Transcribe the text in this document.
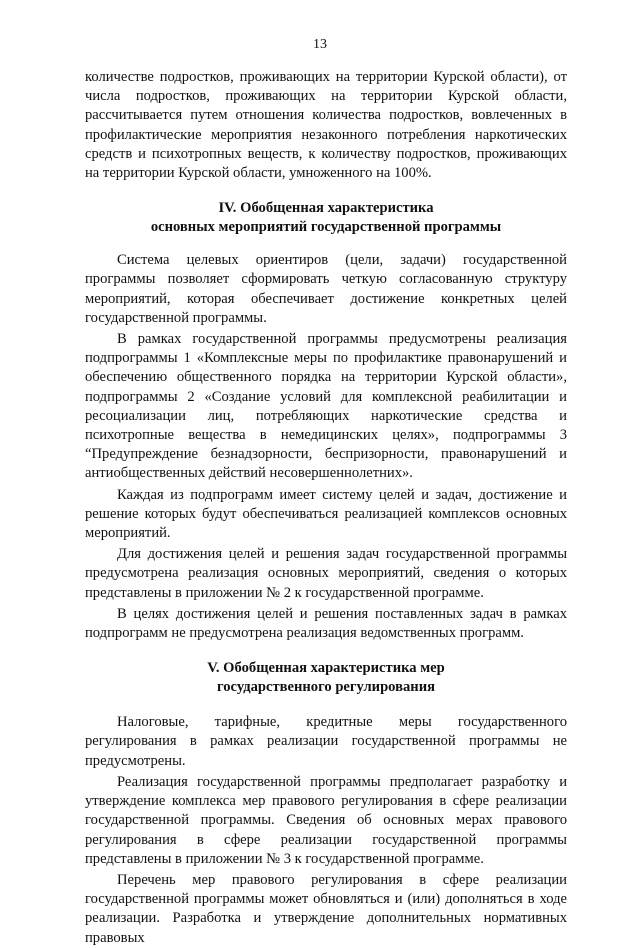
13

количестве подростков, проживающих на территории Курской области), от числа подростков, проживающих на территории Курской области, рассчитывается путем отношения количества подростков, вовлеченных в профилактические мероприятия незаконного потребления наркотических средств и психотропных веществ, к количеству подростков, проживающих на территории Курской области, умноженного на 100%.

IV. Обобщенная характеристика
основных мероприятий государственной программы

Система целевых ориентиров (цели, задачи) государственной программы позволяет сформировать четкую согласованную структуру мероприятий, которая обеспечивает достижение конкретных целей государственной программы.

В рамках государственной программы предусмотрены реализация подпрограммы 1 «Комплексные меры по профилактике правонарушений и обеспечению общественного порядка на территории Курской области», подпрограммы 2 «Создание условий для комплексной реабилитации и ресоциализации лиц, потребляющих наркотические средства и психотропные вещества в немедицинских целях», подпрограммы 3 “Предупреждение безнадзорности, беспризорности, правонарушений и антиобщественных действий несовершеннолетних».

Каждая из подпрограмм имеет систему целей и задач, достижение и решение которых будут обеспечиваться реализацией комплексов основных мероприятий.

Для достижения целей и решения задач государственной программы предусмотрена реализация основных мероприятий, сведения о которых представлены в приложении № 2 к государственной программе.

В целях достижения целей и решения поставленных задач в рамках подпрограмм не предусмотрена реализация ведомственных программ.

V. Обобщенная характеристика мер
государственного регулирования

Налоговые, тарифные, кредитные меры государственного регулирования в рамках реализации государственной программы не предусмотрены.

Реализация государственной программы предполагает разработку и утверждение комплекса мер правового регулирования в сфере реализации государственной программы. Сведения об основных мерах правового регулирования в сфере реализации государственной программы представлены в приложении № 3 к государственной программе.

Перечень мер правового регулирования в сфере реализации государственной программы может обновляться и (или) дополняться в ходе реализации. Разработка и утверждение дополнительных нормативных правовых
